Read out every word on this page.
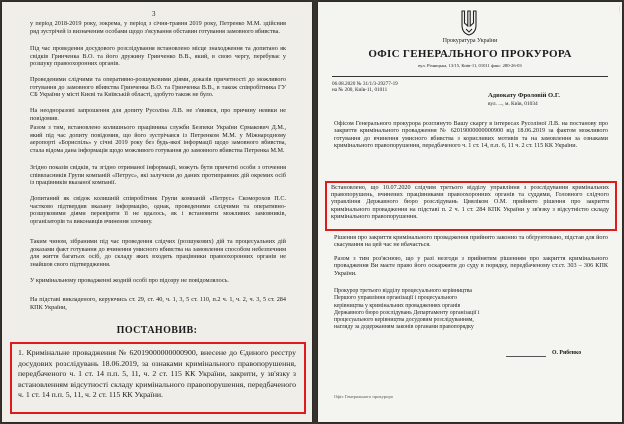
3

у період 2018-2019 року, зокрема, у період з січня-травня 2019 року, Петренко М.М. здійснив ряд зустрічей із визначеним особами щодо з'ясування обставин готування замовного вбивства.

Під час проведення досудового розслідування встановлено місце знаходження та допитано як свідків Гринченка В.О. та його дружину Гринченко В.В., який, в свою чергу, перебуває у розшуку правоохоронних органів.

Проведеними слідчими та оперативно-розшуковими діями, доказів причетності до можливого готування до замовного вбивства Гринченка В.О. та Гринченка В.В., в також співробітника ГУ СБ України у місті Києві та Київській області, здобуто також не було.

На неодноразові запрошення для допиту Русоліна Л.В. не з'явився, про причину неявки не повідомив.

Разом з тим, встановлено колишнього працівника служби Безпеки України Єрмакович Д.М., який під час допиту повідомив, що його зустрічався із Петренком М.М. у Міжнародному аеропорті «Бориспіль» у січні 2019 року без будь-якої інформації щодо замовного вбивства, стала відома дана інформація щодо можливого готування до замовного вбивства Петренка М.М.

Згідно показів свідків, та згідно отриманої інформації, можуть бути причетні особи з оточення співвласників Групи компаній «Петрус», які залучили до даних протиправних дій окремих осіб із працівників вказаної компанії.

Допитаний як свідок колишній співробітник Групи компаній «Петрус» Скоморохов П.С. частково підтвердив вказану інформацію, однак, проведеними слідчими та оперативно-розшуковими діями перевірити її не вдалось, як і встановити можливих замовників, організаторів та виконавців вчинення злочину.

Таким чином, зібраними під час проведення слідчих (розшукових) дій та процесуальних дій доказами факт готування до вчинення умисного вбивства на замовлення способом небезпечним для життя багатьох осіб, до складу яких входять працівники правоохоронних органів не знайшов свого підтвердження.

У кримінальному провадженні жодній особі про підозру не повідомлялось.

На підставі викладеного, керуючись ст. 29, ст. 40, ч. 1, 3, 5 ст. 110, п.2 ч. 1, ч. 2, ч. 3, 5 ст. 284 КПК України,

ПОСТАНОВИВ:

1. Кримінальне провадження № 62019000000000900, внесене до Єдиного реєстру досудових розслідувань 18.06.2019, за ознаками кримінального правопорушення, передбаченого ч. 1 ст. 14 п.п. 5, 11, ч. 2 ст. 115 КК України, закрити, у зв'язку з встановленням відсутності складу кримінального правопорушення, передбаченого ч. 1 ст. 14 п.п. 5, 11, ч. 2 ст. 115 КК України.

|
Прокуратура України
ОФІС ГЕНЕРАЛЬНОГО ПРОКУРОРА
вул. Різницька, 13/15, Київ-11, 01011 факс: 280-26-03
06.08.2020 № 31/1/3-29277-19
на № 200, Київ-11, 01011
Адвокату Фроловій О.Г.
вул. ..., м. Київ, 01034

Офісом Генерального прокурора розглянуто Вашу скаргу в інтересах Русоліної Л.В. на постанову про закриття кримінального провадження № 62019000000000900 від 18.06.2019 за фактом можливого готування до вчинення умисного вбивства з корисливих мотивів та на замовлення за ознаками кримінального правопорушення, передбаченого ч. 1 ст. 14, п.п. 6, 11 ч. 2 ст. 115 КК України.

Встановлено, що 10.07.2020 слідчим третього відділу управління з розслідування кримінальних правопорушень, вчинених працівниками правоохоронних органів та суддями, Головного слідчого управління Державного бюро розслідувань Цвяліком О.М. прийнято рішення про закриття кримінального провадження на підставі п. 2 ч. 1 ст. 284 КПК України у зв'язку з відсутністю складу кримінального правопорушення.

Рішення про закриття кримінального провадження прийнято законно та обґрунтовано, підстав для його скасування на цей час не вбачається.

Разом з тим роз'яснюю, що у разі незгоди з прийнятим рішенням про закриття кримінального провадження Ви маєте право його оскаржити до суду в порядку, передбаченому ст.ст. 303 – 306 КПК України.

Прокурор третього відділу процесуального керівництва Першого управління організації і процесуального керівництва у кримінальних провадженнях органів Державного бюро розслідувань Департаменту організації і процесуального керівництва досудовим розслідуванням, нагляду за додержанням законів органами правопорядку
О. Рибенко
Офіс Генерального прокурора
